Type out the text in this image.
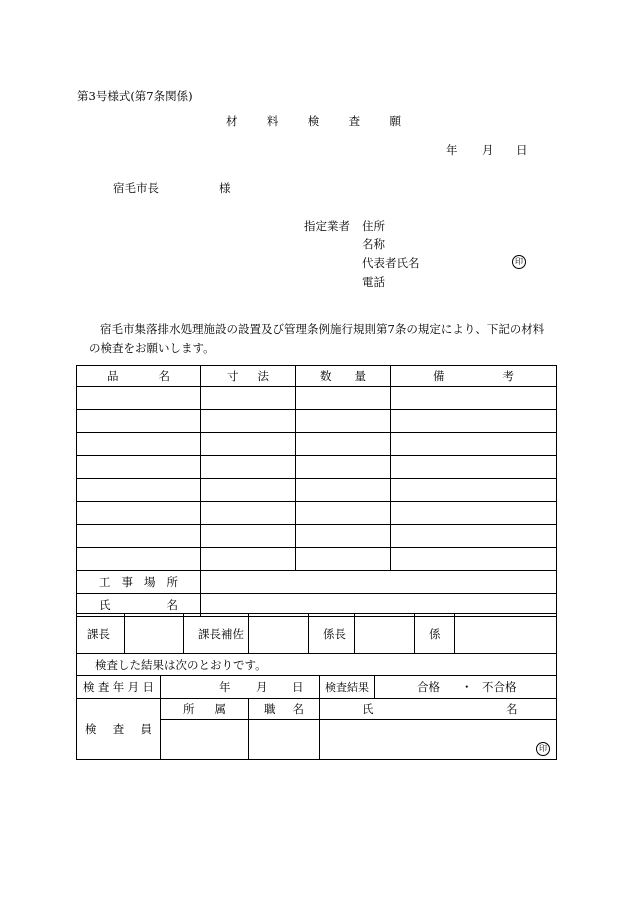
第3号様式(第7条関係)
材	料	検	査	願
年 月 日
宿毛市長	様
指定業者 住所
名称
代表者氏名	印
電話
宿毛市集落排水処理施設の設置及び管理条例施行規則第7条の規定により、下記の材料
の検査をお願いします。
品 名	寸 法	数 量	備 考

工 事 場 所			

氏 名			

課長		課長補佐		係長		係	
検査した結果は次のとおりです。

検 査 年 月 日	年 月 日	検査結果	合格 ・ 不合格
検 査 員	所 属	職 名	氏 名

			印
